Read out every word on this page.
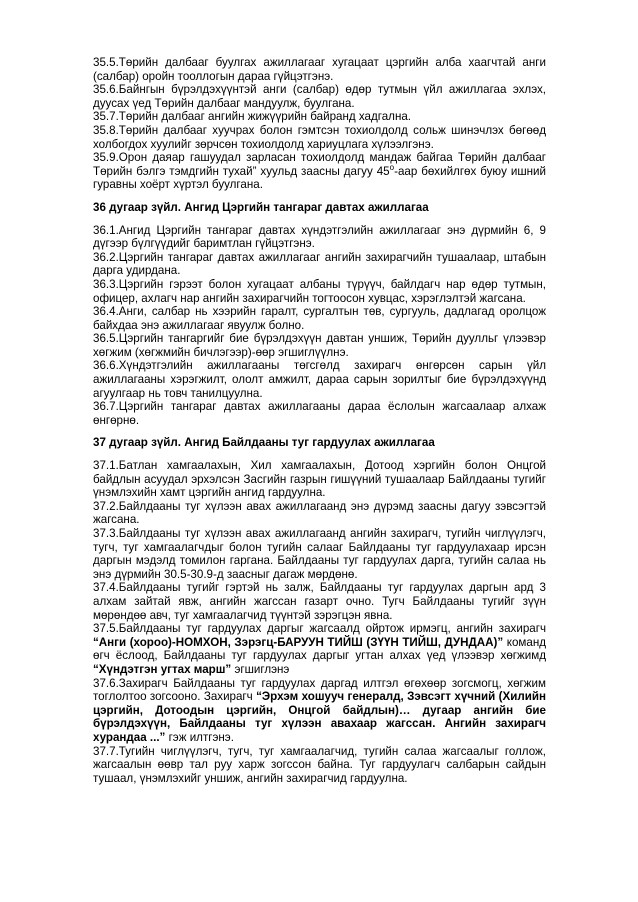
35.5.Төрийн далбааг буулгах ажиллагааг хугацаат цэргийн алба хаагчтай анги (салбар) оройн тооллогын дараа гүйцэтгэнэ.

35.6.Байнгын бүрэлдэхүүнтэй анги (салбар) өдөр тутмын үйл ажиллагаа эхлэх, дуусах үед Төрийн далбааг мандуулж, буулгана.

35.7.Төрийн далбааг ангийн жижүүрийн байранд хадгална.

35.8.Төрийн далбааг хуучрах болон гэмтсэн тохиолдолд сольж шинэчлэх бөгөөд холбогдох хуулийг зөрчсөн тохиолдолд хариуцлага хүлээлгэнэ.

35.9.Орон даяар гашуудал зарласан тохиолдолд мандаж байгаа Төрийн далбааг Төрийн бэлгэ тэмдгийн тухай” хуульд заасны дагуу $45^о$-аар бөхийлгөх буюу ишний гуравны хоёрт хүртэл буулгана.

36 дугаар зүйл. Ангид Цэргийн тангараг давтах ажиллагаа

36.1.Ангид Цэргийн тангараг давтах хүндэтгэлийн ажиллагааг энэ дүрмийн 6, 9 дүгээр бүлгүүдийг баримтлан гүйцэтгэнэ.

36.2.Цэргийн тангараг давтах ажиллагааг ангийн захирагчийн тушаалаар, штабын дарга удирдана.

36.3.Цэргийн гэрээт болон хугацаат албаны түрүүч, байлдагч нар өдөр тутмын, офицер, ахлагч нар ангийн захирагчийн тогтоосон хувцас, хэрэглэлтэй жагсана.

36.4.Анги, салбар нь хээрийн гаралт, сургалтын төв, сургууль, дадлагад оролцож байхдаа энэ ажиллагааг явуулж болно.

36.5.Цэргийн тангаргийг бие бүрэлдэхүүн давтан уншиж, Төрийн дуулльг үлээвэр хөгжим (хөгжмийн бичлэгээр)-өөр эгшиглүүлнэ.

36.6.Хүндэтгэлийн ажиллагааны төгсгөлд захирагч өнгөрсөн сарын үйл ажиллагааны хэрэгжилт, ололт амжилт, дараа сарын зорилтыг бие бүрэлдэхүүнд агуулгаар нь товч танилцуулна.

36.7.Цэргийн тангараг давтах ажиллагааны дараа ёслолын жагсаалаар алхаж өнгөрнө.

37 дугаар зүйл. Ангид Байлдааны туг гардуулах ажиллагаа

37.1.Батлан хамгаалахын, Хил хамгаалахын, Дотоод хэргийн болон Онцгой байдлын асуудал эрхэлсэн Засгийн газрын гишүүний тушаалаар Байлдааны тугийг үнэмлэхийн хамт цэргийн ангид гардуулна.

37.2.Байлдааны туг хүлээн авах ажиллагаанд энэ дүрэмд заасны дагуу зэвсэгтэй жагсана.

37.3.Байлдааны туг хүлээн авах ажиллагаанд ангийн захирагч, тугийн чиглүүлэгч, тугч, туг хамгаалагчдыг болон тугийн салааг Байлдааны туг гардуулахаар ирсэн даргын мэдэлд томилон гаргана. Байлдааны туг гардуулах дарга, тугийн салаа нь энэ дүрмийн 30.5-30.9-д заасныг дагаж мөрдөнө.

37.4.Байлдааны тугийг гэртэй нь залж, Байлдааны туг гардуулах даргын ард 3 алхам зайтай явж, ангийн жагссан газарт очно. Тугч Байлдааны тугийг зүүн мөрөндөө авч, туг хамгаалагчид түүнтэй зэрэгцэн явна.

37.5.Байлдааны туг гардуулах даргыг жагсаалд ойртож ирмэгц, ангийн захирагч “Анги (хороо)-НОМХОН, Зэрэгц-БАРУУН ТИЙШ (ЗҮҮН ТИЙШ, ДУНДАА)” команд өгч ёслоод, Байлдааны туг гардуулах даргыг угтан алхах үед үлээвэр хөгжимд “Хүндэтгэн угтах марш” эгшиглэнэ

37.6.Захирагч Байлдааны туг гардуулах даргад илтгэл өгөхөөр зогсмогц, хөгжим тоглолтоо зогсооно. Захирагч “Эрхэм хошууч генералд, Зэвсэгт хүчний (Хилийн цэргийн, Дотоодын цэргийн, Онцгой байдлын)… дугаар ангийн бие бүрэлдэхүүн, Байлдааны туг хүлээн авахаар жагссан. Ангийн захирагч хурандаа ...” гэж илтгэнэ.

37.7.Тугийн чиглүүлэгч, тугч, туг хамгаалагчид, тугийн салаа жагсаалыг голлож, жагсаалын өөвр тал руу харж зогссон байна. Туг гардуулагч салбарын сайдын тушаал, үнэмлэхийг уншиж, ангийн захирагчид гардуулна.
